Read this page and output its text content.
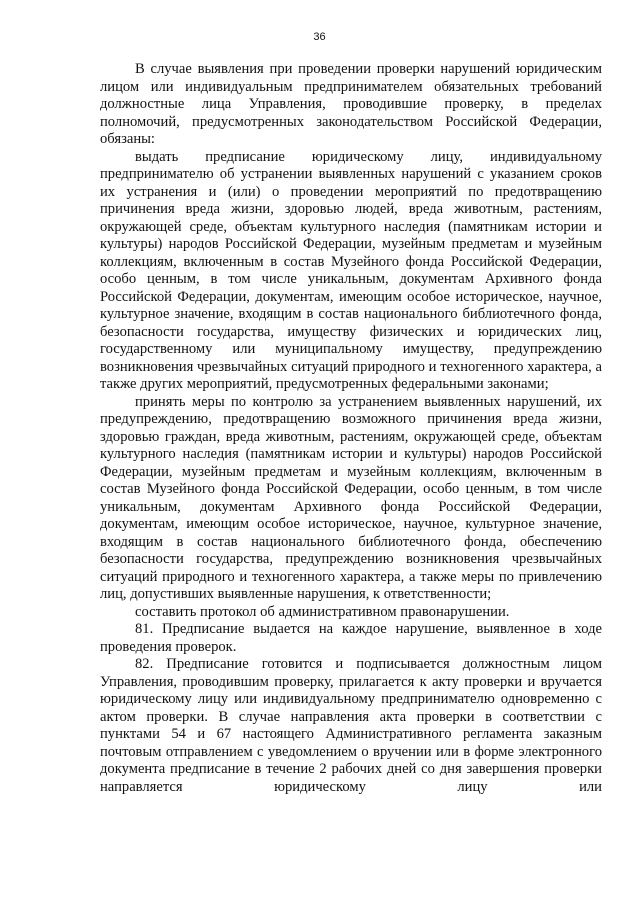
36

В случае выявления при проведении проверки нарушений юридическим лицом или индивидуальным предпринимателем обязательных требований должностные лица Управления, проводившие проверку, в пределах полномочий, предусмотренных законодательством Российской Федерации, обязаны:

выдать предписание юридическому лицу, индивидуальному предпринимателю об устранении выявленных нарушений с указанием сроков их устранения и (или) о проведении мероприятий по предотвращению причинения вреда жизни, здоровью людей, вреда животным, растениям, окружающей среде, объектам культурного наследия (памятникам истории и культуры) народов Российской Федерации, музейным предметам и музейным коллекциям, включенным в состав Музейного фонда Российской Федерации, особо ценным, в том числе уникальным, документам Архивного фонда Российской Федерации, документам, имеющим особое историческое, научное, культурное значение, входящим в состав национального библиотечного фонда, безопасности государства, имуществу физических и юридических лиц, государственному или муниципальному имуществу, предупреждению возникновения чрезвычайных ситуаций природного и техногенного характера, а также других мероприятий, предусмотренных федеральными законами;

принять меры по контролю за устранением выявленных нарушений, их предупреждению, предотвращению возможного причинения вреда жизни, здоровью граждан, вреда животным, растениям, окружающей среде, объектам культурного наследия (памятникам истории и культуры) народов Российской Федерации, музейным предметам и музейным коллекциям, включенным в состав Музейного фонда Российской Федерации, особо ценным, в том числе уникальным, документам Архивного фонда Российской Федерации, документам, имеющим особое историческое, научное, культурное значение, входящим в состав национального библиотечного фонда, обеспечению безопасности государства, предупреждению возникновения чрезвычайных ситуаций природного и техногенного характера, а также меры по привлечению лиц, допустивших выявленные нарушения, к ответственности;

составить протокол об административном правонарушении.

81. Предписание выдается на каждое нарушение, выявленное в ходе проведения проверок.

82. Предписание готовится и подписывается должностным лицом Управления, проводившим проверку, прилагается к акту проверки и вручается юридическому лицу или индивидуальному предпринимателю одновременно с актом проверки. В случае направления акта проверки в соответствии с пунктами 54 и 67 настоящего Административного регламента заказным почтовым отправлением с уведомлением о вручении или в форме электронного документа предписание в течение 2 рабочих дней со дня завершения проверки направляется юридическому лицу или
